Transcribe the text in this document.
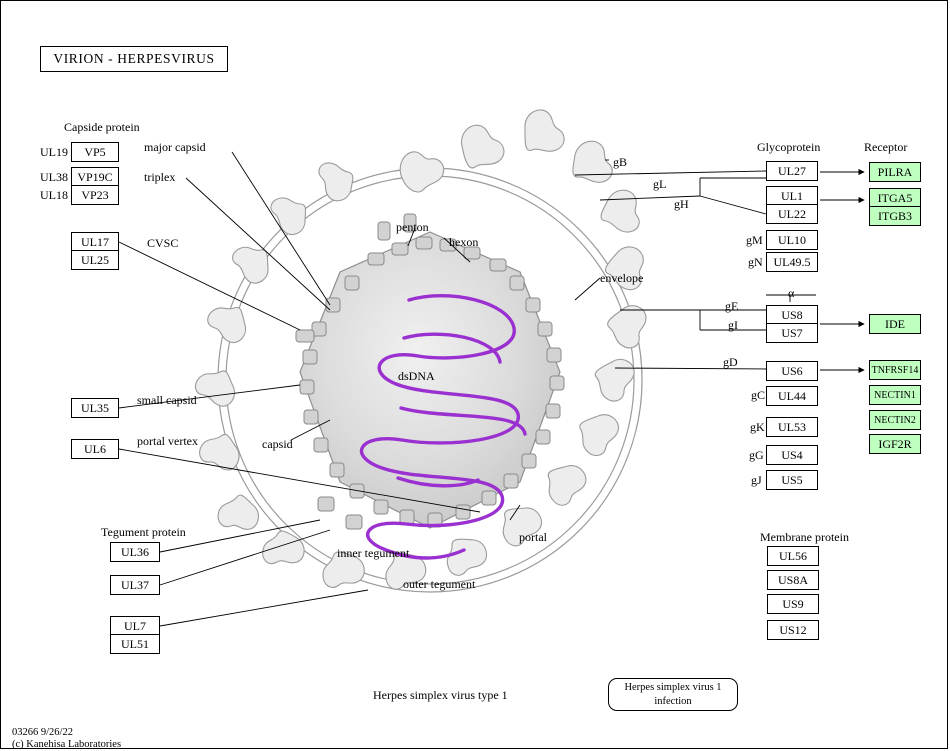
VIRION - HERPESVIRUS
Capside protein
Glycoprotein	Receptor
Tegument protein	Membrane protein
α
UL19
UL38
UL18
VP5
VP19C
VP23
UL17
UL25
UL35
UL6
major capsid
triplex
CVSC
small capsid
portal vertex
penton
hexon
envelope
dsDNA
capsid
portal
inner tegument
outer tegument
UL36
UL37
UL7
UL51
gB
gL
gH
gM
gN
gE
gI
gD
gC
gK
gG
gJ
UL27
UL1
UL22
UL10
UL49.5
US8
US7
US6
UL44
UL53
US4
US5
PILRA
ITGA5
ITGB3
IDE
TNFRSF14
NECTIN1
NECTIN2
IGF2R
UL56
US8A
US9
US12
Herpes simplex virus type 1
Herpes simplex virus 1
infection
03266 9/26/22
(c) Kanehisa Laboratories
